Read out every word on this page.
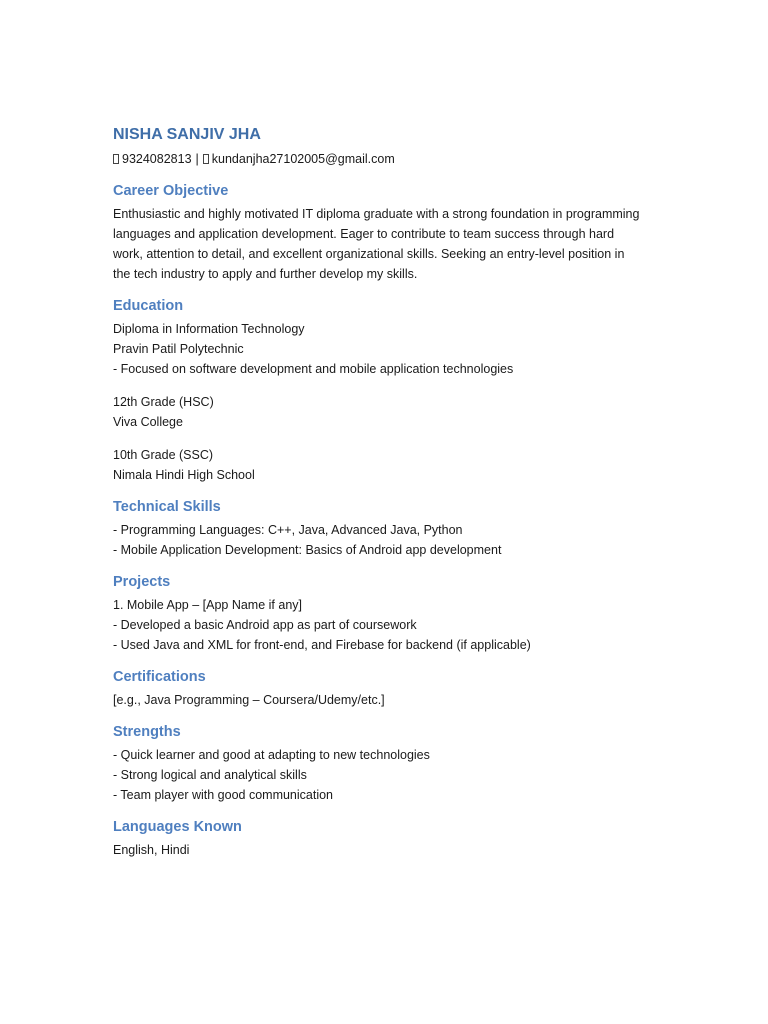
NISHA SANJIV JHA
9324082813 | kundanjha27102005@gmail.com
Career Objective

Enthusiastic and highly motivated IT diploma graduate with a strong foundation in programming

languages and application development. Eager to contribute to team success through hard

work, attention to detail, and excellent organizational skills. Seeking an entry-level position in

the tech industry to apply and further develop my skills.

Education

Diploma in Information Technology

Pravin Patil Polytechnic

- Focused on software development and mobile application technologies

12th Grade (HSC)

Viva College

10th Grade (SSC)

Nimala Hindi High School

Technical Skills

- Programming Languages: C++, Java, Advanced Java, Python

- Mobile Application Development: Basics of Android app development

Projects

1. Mobile App – [App Name if any]

- Developed a basic Android app as part of coursework

- Used Java and XML for front-end, and Firebase for backend (if applicable)

Certifications

[e.g., Java Programming – Coursera/Udemy/etc.]

Strengths

- Quick learner and good at adapting to new technologies

- Strong logical and analytical skills

- Team player with good communication

Languages Known

English, Hindi
